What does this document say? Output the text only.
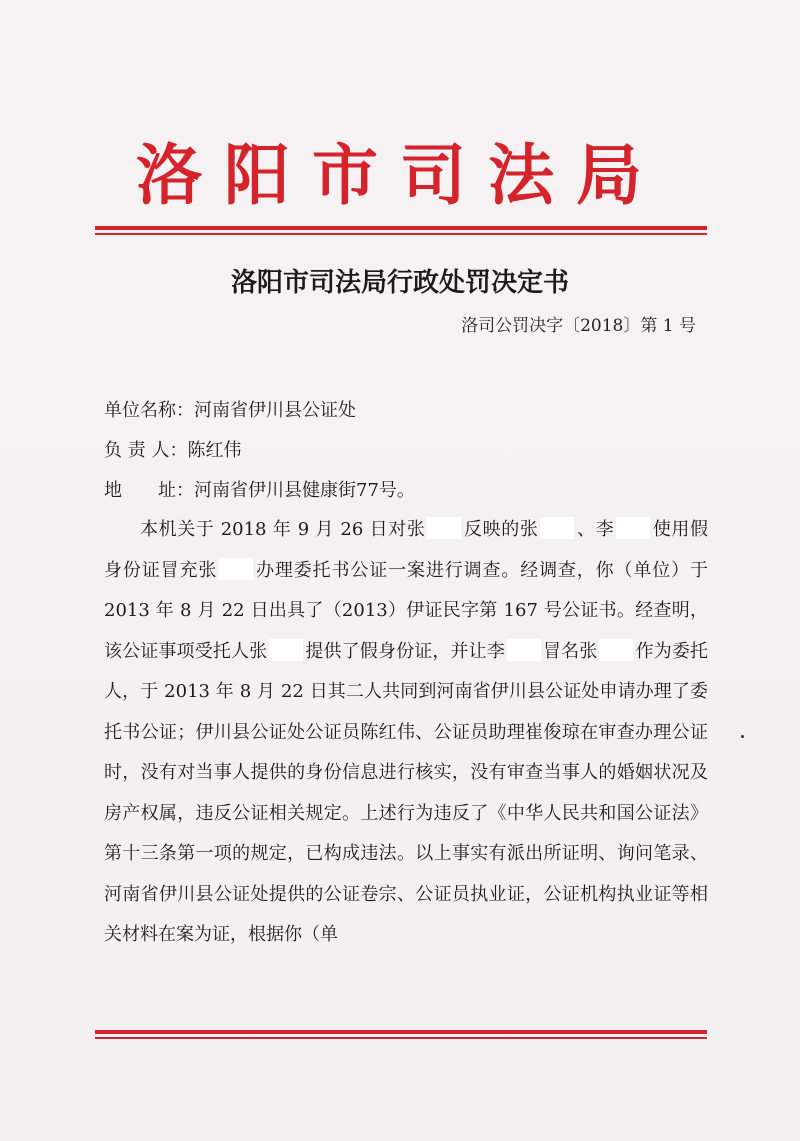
洛阳市司法局
洛阳市司法局行政处罚决定书
洛司公罚决字〔2018〕第 1 号
单位名称：河南省伊川县公证处
负 责 人：陈红伟
地　　址：河南省伊川县健康街77号。
本机关于 2018 年 9 月 26 日对张 反映的张 、李 使用假身份证冒充张 办理委托书公证一案进行调查。经调查，你（单位）于 2013 年 8 月 22 日出具了（2013）伊证民字第 167 号公证书。经查明，该公证事项受托人张 提供了假身份证，并让李 冒名张 作为委托人，于 2013 年 8 月 22 日其二人共同到河南省伊川县公证处申请办理了委托书公证；伊川县公证处公证员陈红伟、公证员助理崔俊琼在审查办理公证时，没有对当事人提供的身份信息进行核实，没有审查当事人的婚姻状况及房产权属，违反公证相关规定。上述行为违反了《中华人民共和国公证法》第十三条第一项的规定，已构成违法。以上事实有派出所证明、询问笔录、河南省伊川县公证处提供的公证卷宗、公证员执业证，公证机构执业证等相关材料在案为证，根据你（单
